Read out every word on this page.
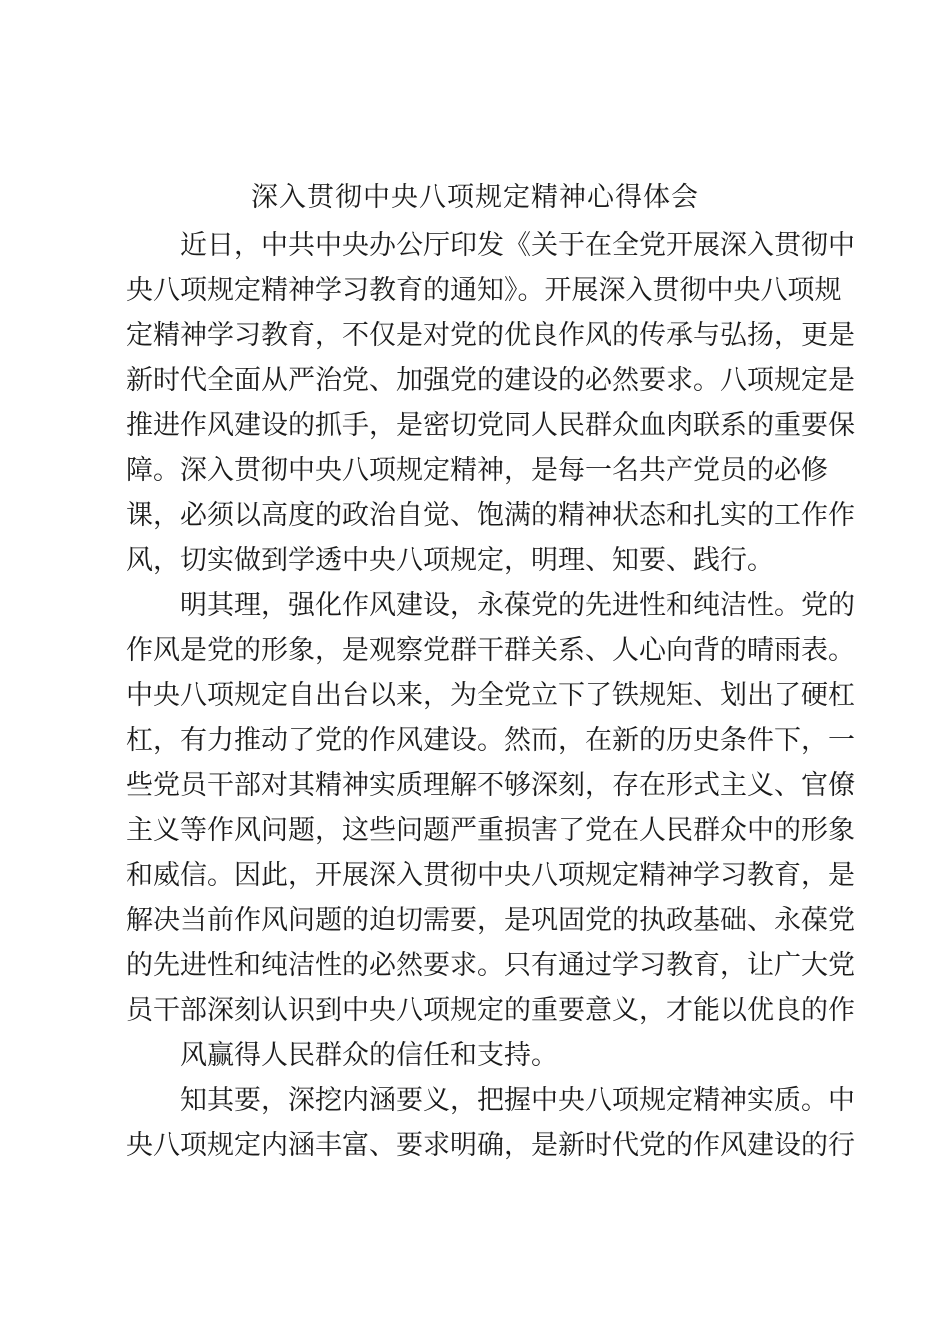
深入贯彻中央八项规定精神心得体会

近日，中共中央办公厅印发《关于在全党开展深入贯彻中

央八项规定精神学习教育的通知》。开展深入贯彻中央八项规

定精神学习教育，不仅是对党的优良作风的传承与弘扬，更是

新时代全面从严治党、加强党的建设的必然要求。八项规定是

推进作风建设的抓手，是密切党同人民群众血肉联系的重要保

障。深入贯彻中央八项规定精神，是每一名共产党员的必修

课，必须以高度的政治自觉、饱满的精神状态和扎实的工作作

风，切实做到学透中央八项规定，明理、知要、践行。

明其理，强化作风建设，永葆党的先进性和纯洁性。党的

作风是党的形象，是观察党群干群关系、人心向背的晴雨表。

中央八项规定自出台以来，为全党立下了铁规矩、划出了硬杠

杠，有力推动了党的作风建设。然而，在新的历史条件下，一

些党员干部对其精神实质理解不够深刻，存在形式主义、官僚

主义等作风问题，这些问题严重损害了党在人民群众中的形象

和威信。因此，开展深入贯彻中央八项规定精神学习教育，是

解决当前作风问题的迫切需要，是巩固党的执政基础、永葆党

的先进性和纯洁性的必然要求。只有通过学习教育，让广大党

员干部深刻认识到中央八项规定的重要意义，才能以优良的作

风赢得人民群众的信任和支持。

知其要，深挖内涵要义，把握中央八项规定精神实质。中

央八项规定内涵丰富、要求明确，是新时代党的作风建设的行
